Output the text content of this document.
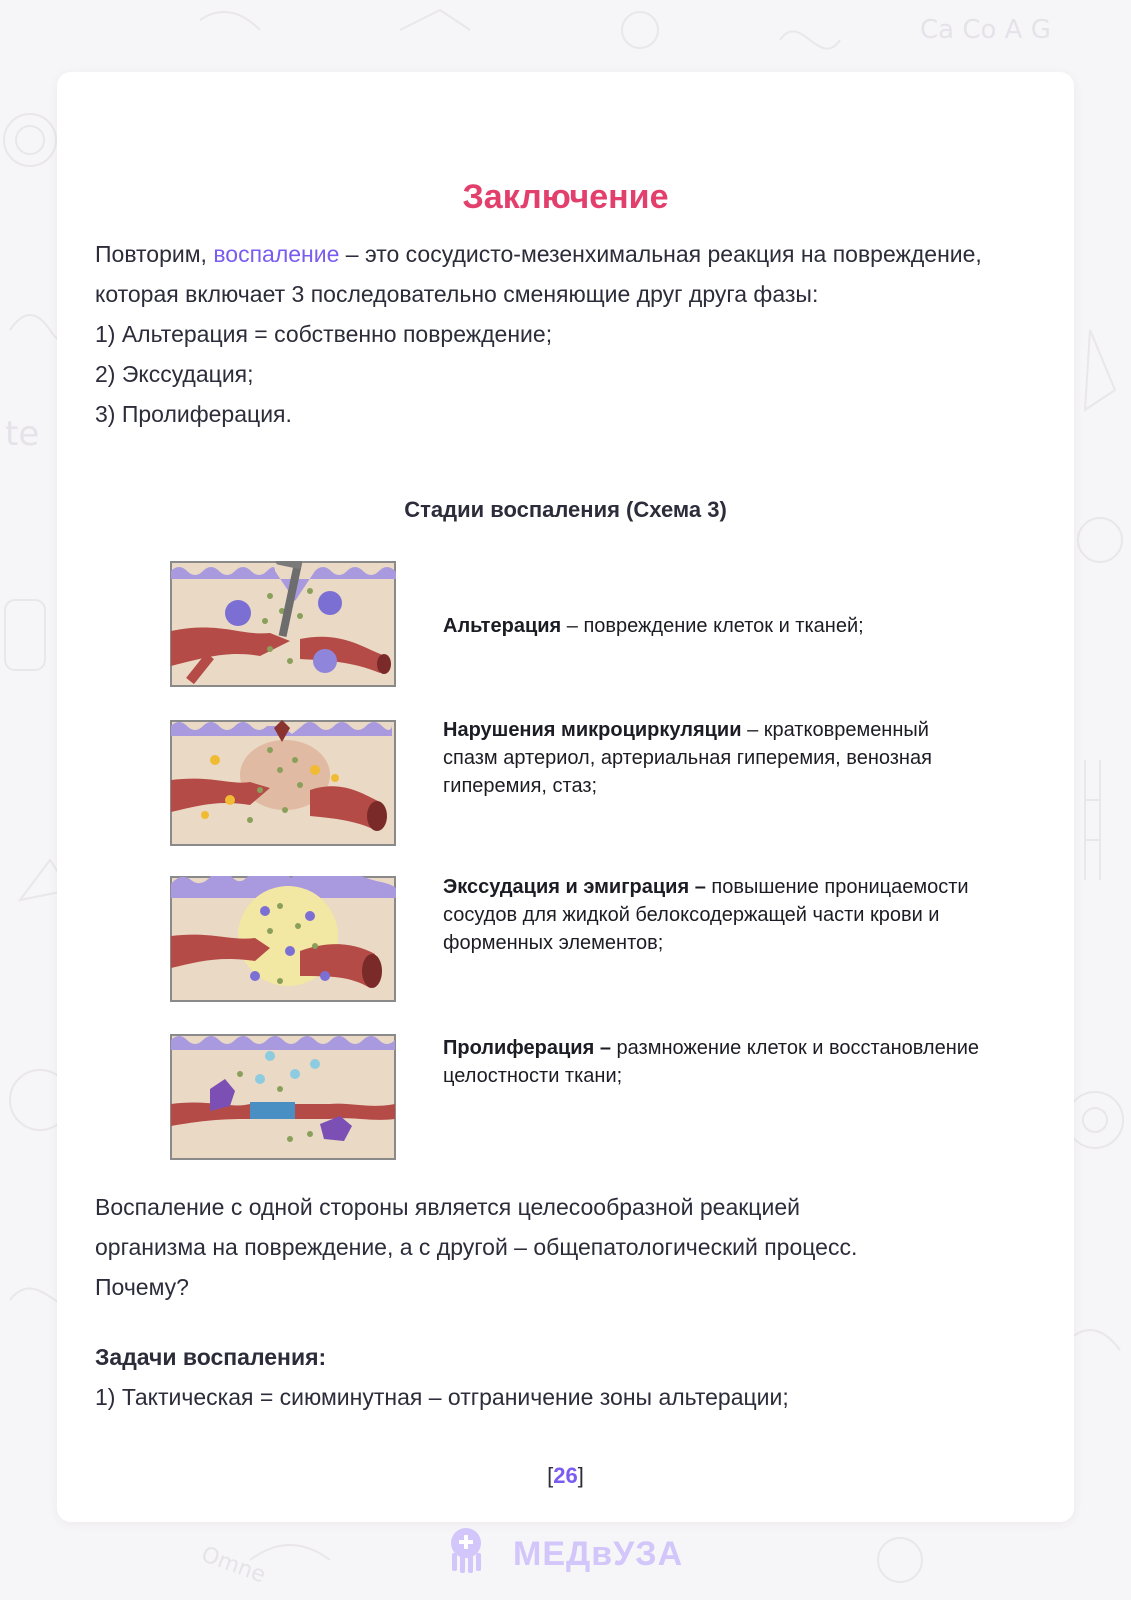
Ca Co A G
te
Omne
Заключение

Повторим, воспаление – это сосудисто-мезенхимальная реакция на повреждение, которая включает 3 последовательно сменяющие друг друга фазы:

1) Альтерация = собственно повреждение;

2) Экссудация;

3) Пролиферация.

Стадии воспаления (Схема 3)
Альтерация – повреждение клеток и тканей;
Нарушения микроциркуляции – кратковременный спазм артериол, артериальная гиперемия, венозная гиперемия, стаз;
Экссудация и эмиграция – повышение проницаемости сосудов для жидкой белоксодержащей части крови и форменных элементов;
Пролиферация – размножение клеток и восстановление целостности ткани;

Воспаление с одной стороны является целесообразной реакцией

организма на повреждение, а с другой – общепатологический процесс.

Почему?

Задачи воспаления:
1) Тактическая = сиюминутная – отграничение зоны альтерации;
[26]
МЕДвУЗА
